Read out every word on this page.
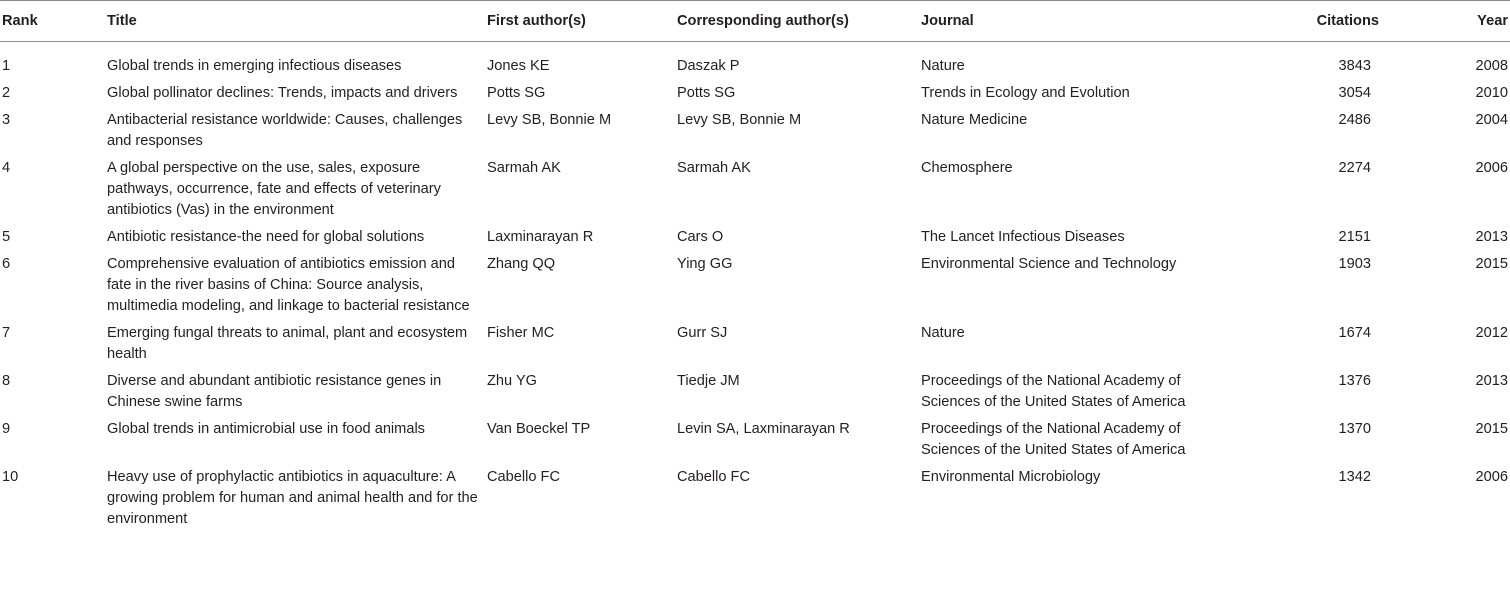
Rank	Title	First author(s)	Corresponding author(s)	Journal	Citations	Year
1	Global trends in emerging infectious diseases	Jones KE	Daszak P	Nature	3843	2008
2	Global pollinator declines: Trends, impacts and drivers	Potts SG	Potts SG	Trends in Ecology and Evolution	3054	2010
3	Antibacterial resistance worldwide: Causes, challenges and responses	Levy SB, Bonnie M	Levy SB, Bonnie M	Nature Medicine	2486	2004
4	A global perspective on the use, sales, exposure pathways, occurrence, fate and effects of veterinary antibiotics (Vas) in the environment	Sarmah AK	Sarmah AK	Chemosphere	2274	2006
5	Antibiotic resistance-the need for global solutions	Laxminarayan R	Cars O	The Lancet Infectious Diseases	2151	2013
6	Comprehensive evaluation of antibiotics emission and fate in the river basins of China: Source analysis, multimedia modeling, and linkage to bacterial resistance	Zhang QQ	Ying GG	Environmental Science and Technology	1903	2015
7	Emerging fungal threats to animal, plant and ecosystem health	Fisher MC	Gurr SJ	Nature	1674	2012
8	Diverse and abundant antibiotic resistance genes in Chinese swine farms	Zhu YG	Tiedje JM	Proceedings of the National Academy of Sciences of the United States of America	1376	2013
9	Global trends in antimicrobial use in food animals	Van Boeckel TP	Levin SA, Laxminarayan R	Proceedings of the National Academy of Sciences of the United States of America	1370	2015
10	Heavy use of prophylactic antibiotics in aquaculture: A growing problem for human and animal health and for the environment	Cabello FC	Cabello FC	Environmental Microbiology	1342	2006
